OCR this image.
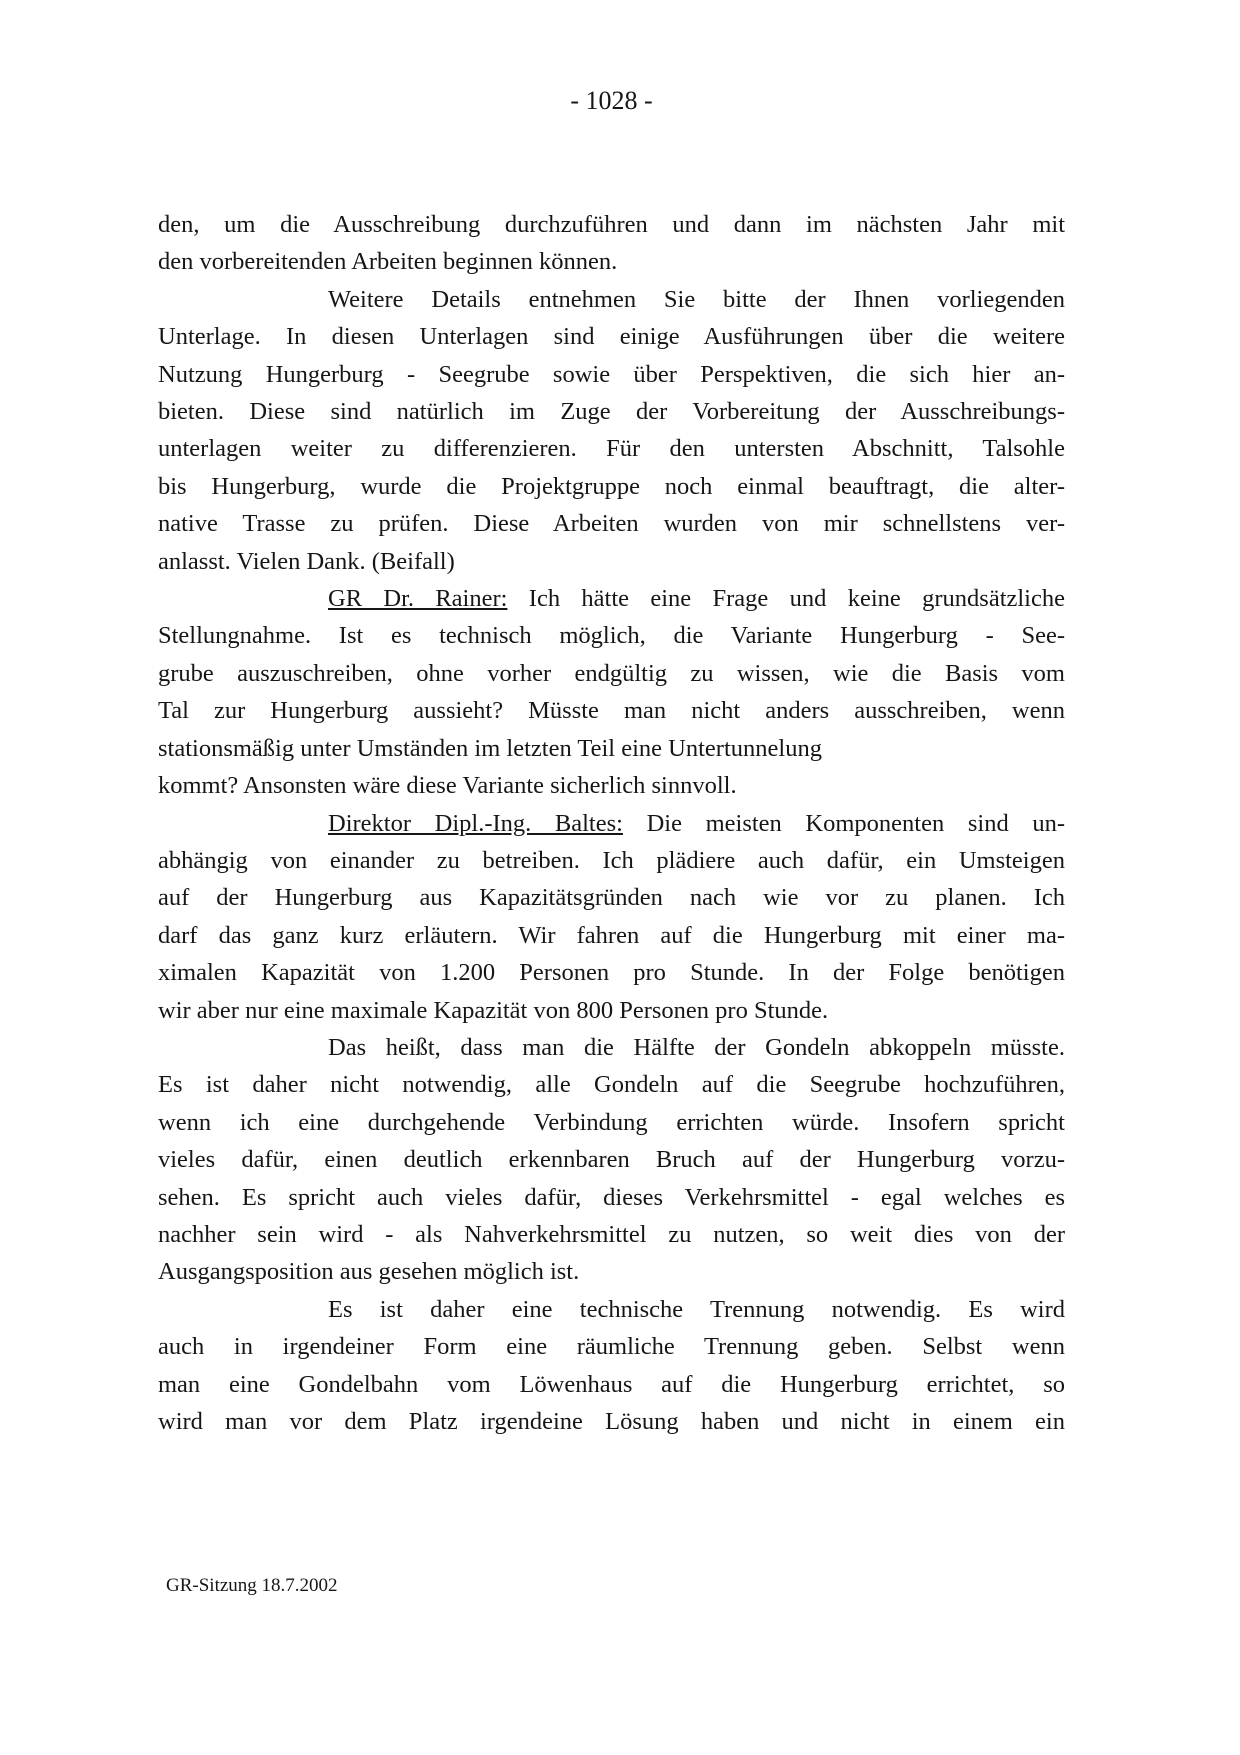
- 1028 -
den, um die Ausschreibung durchzuführen und dann im nächsten Jahr mit
den vorbereitenden Arbeiten beginnen können.
Weitere Details entnehmen Sie bitte der Ihnen vorliegenden
Unterlage. In diesen Unterlagen sind einige Ausführungen über die weitere
Nutzung Hungerburg - Seegrube sowie über Perspektiven, die sich hier an-
bieten. Diese sind natürlich im Zuge der Vorbereitung der Ausschreibungs-
unterlagen weiter zu differenzieren. Für den untersten Abschnitt, Talsohle
bis Hungerburg, wurde die Projektgruppe noch einmal beauftragt, die alter-
native Trasse zu prüfen. Diese Arbeiten wurden von mir schnellstens ver-
anlasst. Vielen Dank. (Beifall)
GR Dr. Rainer: Ich hätte eine Frage und keine grundsätzliche
Stellungnahme. Ist es technisch möglich, die Variante Hungerburg - See-
grube auszuschreiben, ohne vorher endgültig zu wissen, wie die Basis vom
Tal zur Hungerburg aussieht? Müsste man nicht anders ausschreiben, wenn
stationsmäßig unter Umständen im letzten Teil eine Untertunnelung
kommt? Ansonsten wäre diese Variante sicherlich sinnvoll.
Direktor Dipl.-Ing. Baltes: Die meisten Komponenten sind un-
abhängig von einander zu betreiben. Ich plädiere auch dafür, ein Umsteigen
auf der Hungerburg aus Kapazitätsgründen nach wie vor zu planen. Ich
darf das ganz kurz erläutern. Wir fahren auf die Hungerburg mit einer ma-
ximalen Kapazität von 1.200 Personen pro Stunde. In der Folge benötigen
wir aber nur eine maximale Kapazität von 800 Personen pro Stunde.
Das heißt, dass man die Hälfte der Gondeln abkoppeln müsste.
Es ist daher nicht notwendig, alle Gondeln auf die Seegrube hochzuführen,
wenn ich eine durchgehende Verbindung errichten würde. Insofern spricht
vieles dafür, einen deutlich erkennbaren Bruch auf der Hungerburg vorzu-
sehen. Es spricht auch vieles dafür, dieses Verkehrsmittel - egal welches es
nachher sein wird - als Nahverkehrsmittel zu nutzen, so weit dies von der
Ausgangsposition aus gesehen möglich ist.
Es ist daher eine technische Trennung notwendig. Es wird
auch in irgendeiner Form eine räumliche Trennung geben. Selbst wenn
man eine Gondelbahn vom Löwenhaus auf die Hungerburg errichtet, so
wird man vor dem Platz irgendeine Lösung haben und nicht in einem ein
GR-Sitzung 18.7.2002
